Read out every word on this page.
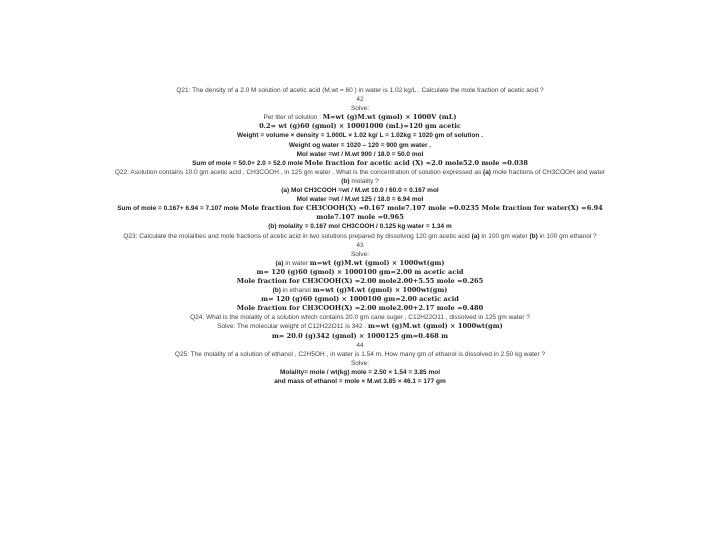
Q21: The density of a 2.0 M solution of acetic acid (M.wt = 60 ) in water is 1.02 kg/L . Calculate the mole fraction of acetic acid ?
42
Solve:
Per liter of solution : M=wt (g)M.wt (gmol) × 1000V (mL)
0.2= wt (g)60 (gmol) × 10001000 (mL)=120 gm acetic
Weight = volume × density = 1.000L × 1.02 kg/ L = 1.02kg = 1020 gm of solution .
Weight og water = 1020 – 120 = 900 gm water .
Mol water =wt / M.wt 900 / 18.0 = 50.0 mol
Sum of mole = 50.0+ 2.0 = 52.0 mole Mole fraction for acetic acid (X) =2.0 mole52.0 mole =0.038
Q22: Asolution contains 10.0 gm acetic acid , CH3COOH , in 125 gm water . What is the concentration of solution expressed as (a) mole fractions of CH3COOH and water (b) molality ?
(a) Mol CH3COOH =wt / M.wt 10.0 / 60.0 = 0.167 mol
Mol water =wt / M.wt 125 / 18.0 = 6.94 mol
Sum of mole = 0.167+ 6.94 = 7.107 mole Mole fraction for CH3COOH(X) =0.167 mole7.107 mole =0.0235 Mole fraction for water(X) =6.94 mole7.107 mole =0.965
(b) molality = 0.167 mol CH3COOH / 0.125 kg water = 1.34 m
Q23: Calculate the molalities and mole fractions of acetic acid in two solutions prepared by dissolving 120 gm acetic acid (a) in 100 gm water (b) in 100 gm ethanol ?
43
Solve:
(a) in water m=wt (g)M.wt (gmol) × 1000wt(gm)
m= 120 (g)60 (gmol) × 1000100 gm=2.00 m acetic acid
Mole fraction for CH3COOH(X) =2.00 mole2.00+5.55 mole =0.265
(b) in ethanol m=wt (g)M.wt (gmol) × 1000wt(gm)
m= 120 (g)60 (gmol) × 1000100 gm=2.00 acetic acid
Mole fraction for CH3COOH(X) =2.00 mole2.00+2.17 mole =0.480
Q24: What is the molality of a solution which contains 20.0 gm cane suger , C12H22O11 , dissolved in 125 gm water ?
Solve: The molecular weight of C12H22O11 is 342 . m=wt (g)M.wt (gmol) × 1000wt(gm)
m= 20.0 (g)342 (gmol) × 1000125 gm=0.468 m
44
Q25: The molality of a solution of ethanol , C2H5OH , in water is 1.54 m. How many gm of ethanol is dissolved in 2.50 kg water ?
Solve:
Molality= mole / wt(kg) mole = 2.50 × 1.54 = 3.85 mol
and mass of ethanol = mole × M.wt 3.85 × 46.1 = 177 gm
